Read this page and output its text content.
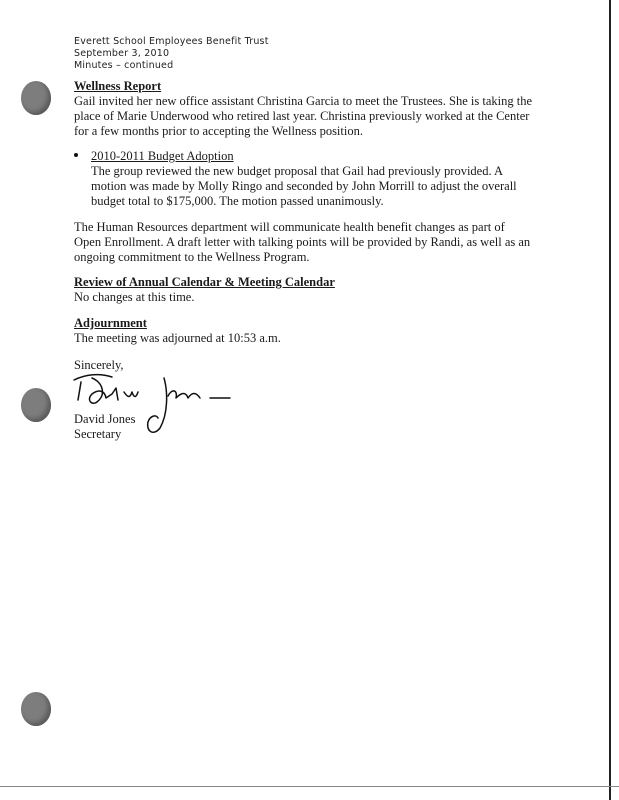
Everett School Employees Benefit Trust
September 3, 2010
Minutes – continued
Wellness Report
Gail invited her new office assistant Christina Garcia to meet the Trustees. She is taking the
place of Marie Underwood who retired last year. Christina previously worked at the Center
for a few months prior to accepting the Wellness position.
2010-2011 Budget Adoption
The group reviewed the new budget proposal that Gail had previously provided. A
motion was made by Molly Ringo and seconded by John Morrill to adjust the overall
budget total to $175,000. The motion passed unanimously.
The Human Resources department will communicate health benefit changes as part of
Open Enrollment. A draft letter with talking points will be provided by Randi, as well as an
ongoing commitment to the Wellness Program.
Review of Annual Calendar & Meeting Calendar
No changes at this time.
Adjournment
The meeting was adjourned at 10:53 a.m.
Sincerely,
David Jones
Secretary
